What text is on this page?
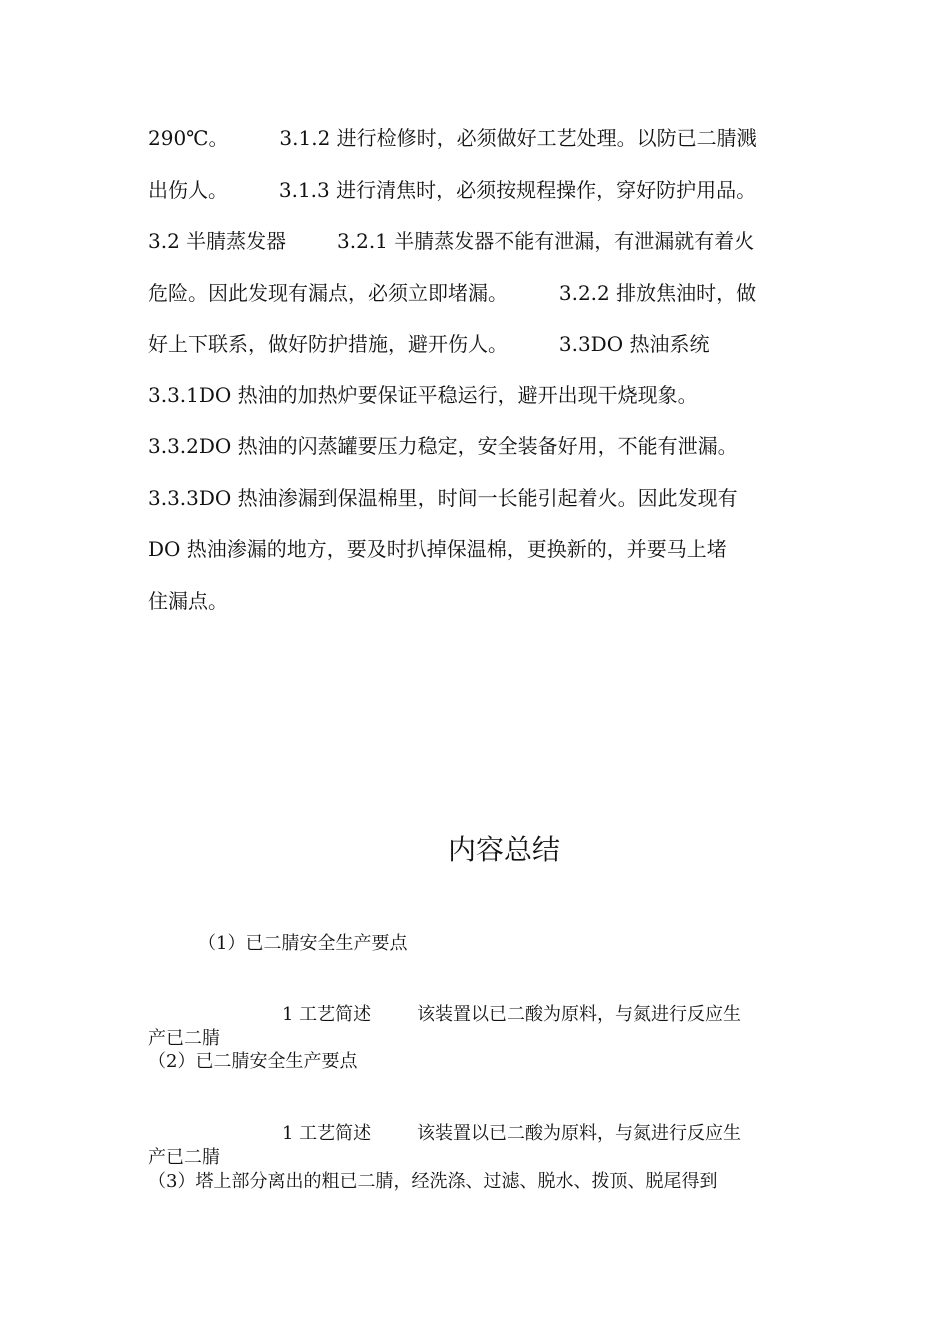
290℃。        3.1.2 进行检修时，必须做好工艺处理。以防已二腈溅
出伤人。        3.1.3 进行清焦时，必须按规程操作，穿好防护用品。
3.2 半腈蒸发器        3.2.1 半腈蒸发器不能有泄漏，有泄漏就有着火
危险。因此发现有漏点，必须立即堵漏。        3.2.2 排放焦油时，做
好上下联系，做好防护措施，避开伤人。        3.3DO 热油系统
3.3.1DO 热油的加热炉要保证平稳运行，避开出现干烧现象。
3.3.2DO 热油的闪蒸罐要压力稳定，安全装备好用，不能有泄漏。
3.3.3DO 热油渗漏到保温棉里，时间一长能引起着火。因此发现有
DO 热油渗漏的地方，要及时扒掉保温棉，更换新的，并要马上堵
住漏点。
内容总结
（1）已二腈安全生产要点
1 工艺简述        该装置以已二酸为原料，与氮进行反应生
产已二腈
（2）已二腈安全生产要点
1 工艺简述        该装置以已二酸为原料，与氮进行反应生
产已二腈
（3）塔上部分离出的粗已二腈，经洗涤、过滤、脱水、拨顶、脱尾得到
